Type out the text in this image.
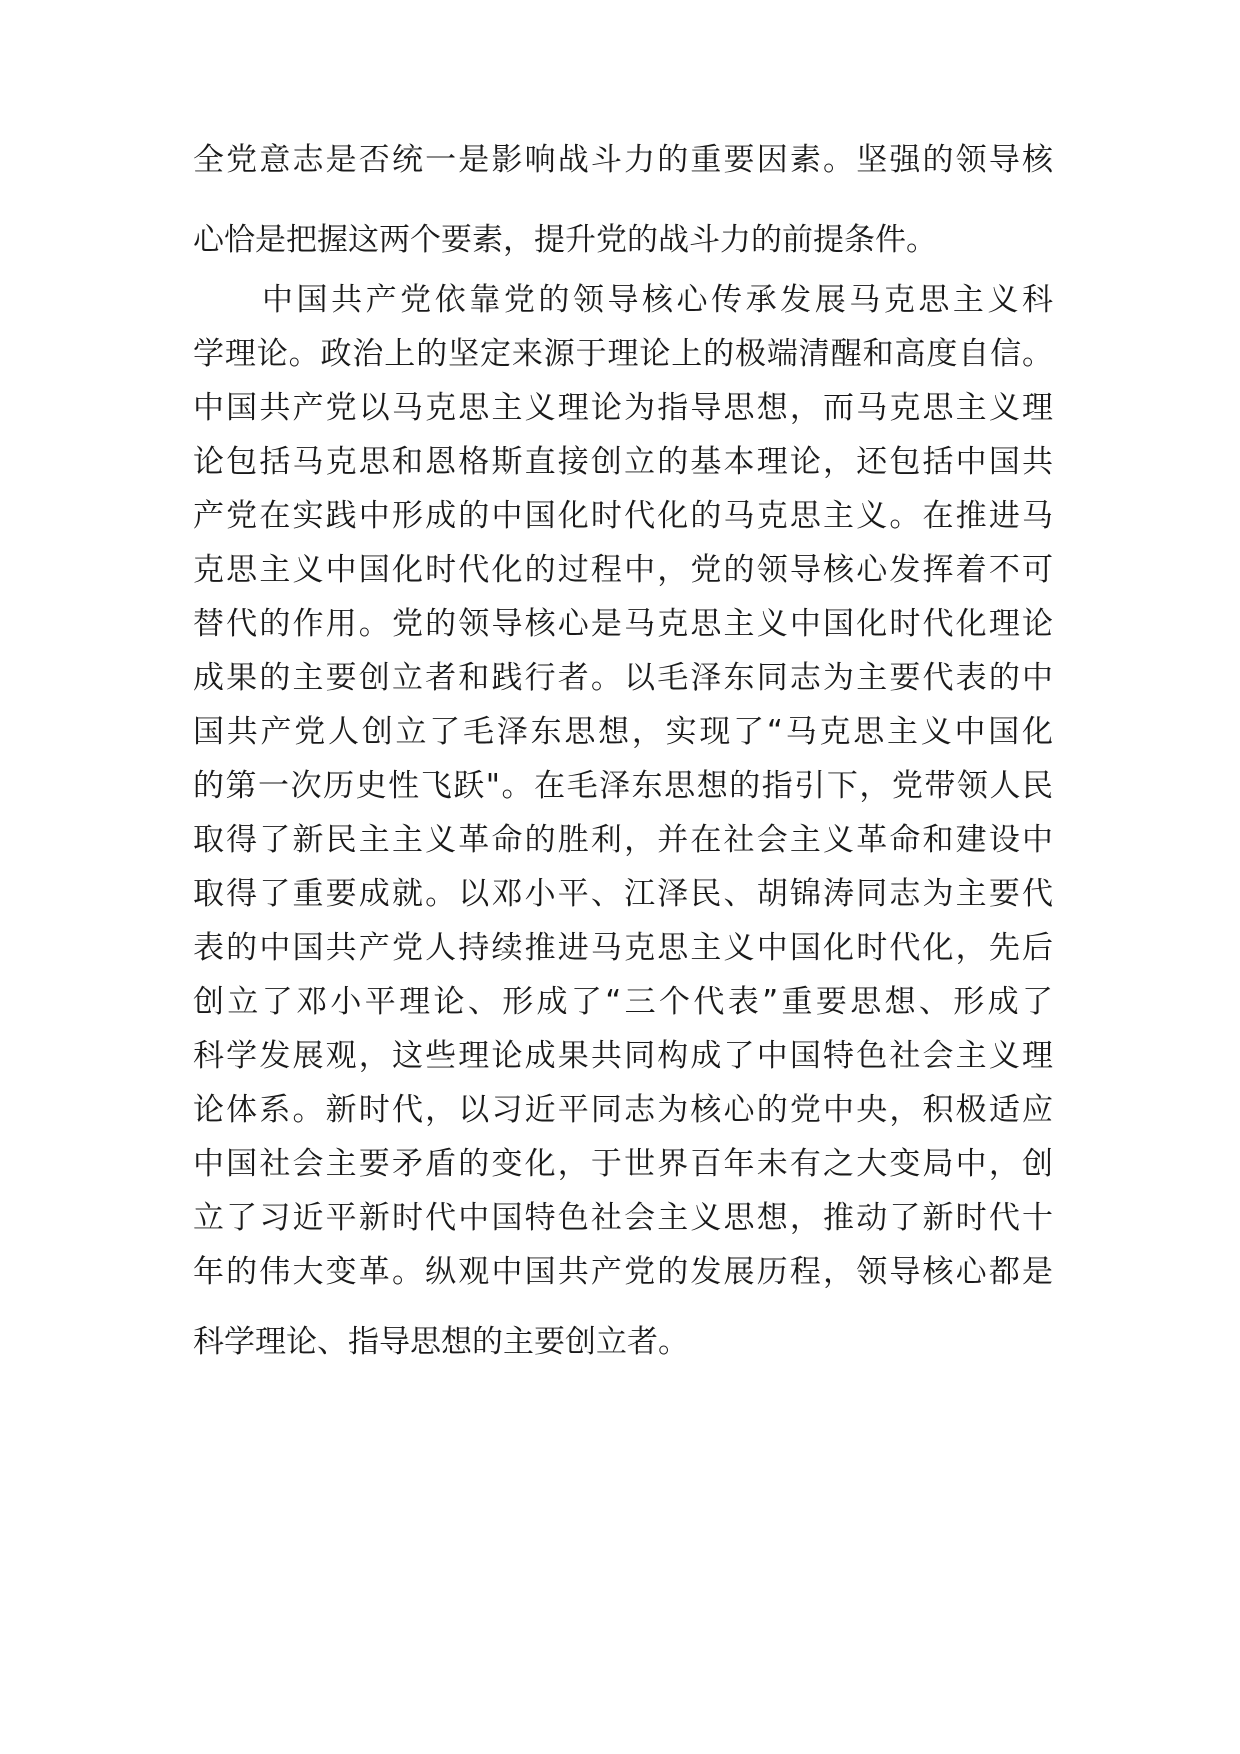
全党意志是否统一是影响战斗力的重要因素。坚强的领导核

心恰是把握这两个要素，提升党的战斗力的前提条件。

中国共产党依靠党的领导核心传承发展马克思主义科

学理论。政治上的坚定来源于理论上的极端清醒和高度自信。

中国共产党以马克思主义理论为指导思想，而马克思主义理

论包括马克思和恩格斯直接创立的基本理论，还包括中国共

产党在实践中形成的中国化时代化的马克思主义。在推进马

克思主义中国化时代化的过程中，党的领导核心发挥着不可

替代的作用。党的领导核心是马克思主义中国化时代化理论

成果的主要创立者和践行者。以毛泽东同志为主要代表的中

国共产党人创立了毛泽东思想，实现了“马克思主义中国化

的第一次历史性飞跃"。在毛泽东思想的指引下，党带领人民

取得了新民主主义革命的胜利，并在社会主义革命和建设中

取得了重要成就。以邓小平、江泽民、胡锦涛同志为主要代

表的中国共产党人持续推进马克思主义中国化时代化，先后

创立了邓小平理论、形成了“三个代表”重要思想、形成了

科学发展观，这些理论成果共同构成了中国特色社会主义理

论体系。新时代，以习近平同志为核心的党中央，积极适应

中国社会主要矛盾的变化，于世界百年未有之大变局中，创

立了习近平新时代中国特色社会主义思想，推动了新时代十

年的伟大变革。纵观中国共产党的发展历程，领导核心都是

科学理论、指导思想的主要创立者。
